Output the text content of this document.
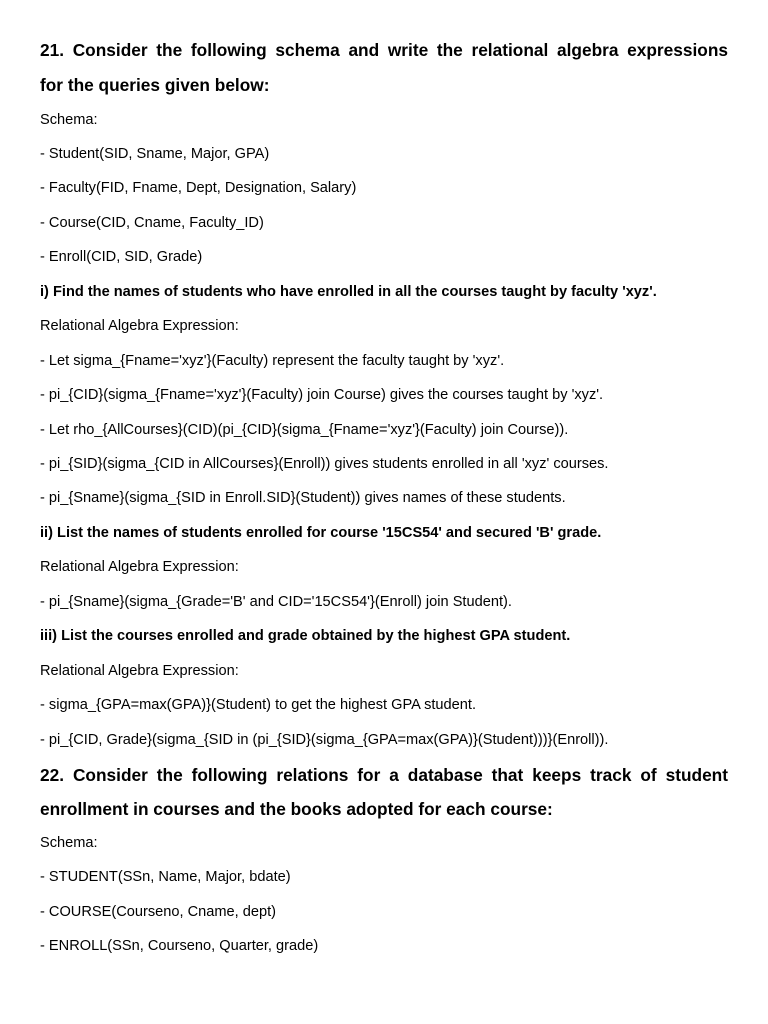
21. Consider the following schema and write the relational algebra expressions
for the queries given below:
Schema:
- Student(SID, Sname, Major, GPA)
- Faculty(FID, Fname, Dept, Designation, Salary)
- Course(CID, Cname, Faculty_ID)
- Enroll(CID, SID, Grade)
i) Find the names of students who have enrolled in all the courses taught by faculty 'xyz'.
Relational Algebra Expression:
- Let sigma_{Fname='xyz'}(Faculty) represent the faculty taught by 'xyz'.
- pi_{CID}(sigma_{Fname='xyz'}(Faculty) join Course) gives the courses taught by 'xyz'.
- Let rho_{AllCourses}(CID)(pi_{CID}(sigma_{Fname='xyz'}(Faculty) join Course)).
- pi_{SID}(sigma_{CID in AllCourses}(Enroll)) gives students enrolled in all 'xyz' courses.
- pi_{Sname}(sigma_{SID in Enroll.SID}(Student)) gives names of these students.
ii) List the names of students enrolled for course '15CS54' and secured 'B' grade.
Relational Algebra Expression:
- pi_{Sname}(sigma_{Grade='B' and CID='15CS54'}(Enroll) join Student).
iii) List the courses enrolled and grade obtained by the highest GPA student.
Relational Algebra Expression:
- sigma_{GPA=max(GPA)}(Student) to get the highest GPA student.
- pi_{CID, Grade}(sigma_{SID in (pi_{SID}(sigma_{GPA=max(GPA)}(Student)))}(Enroll)).
22. Consider the following relations for a database that keeps track of student
enrollment in courses and the books adopted for each course:
Schema:
- STUDENT(SSn, Name, Major, bdate)
- COURSE(Courseno, Cname, dept)
- ENROLL(SSn, Courseno, Quarter, grade)
